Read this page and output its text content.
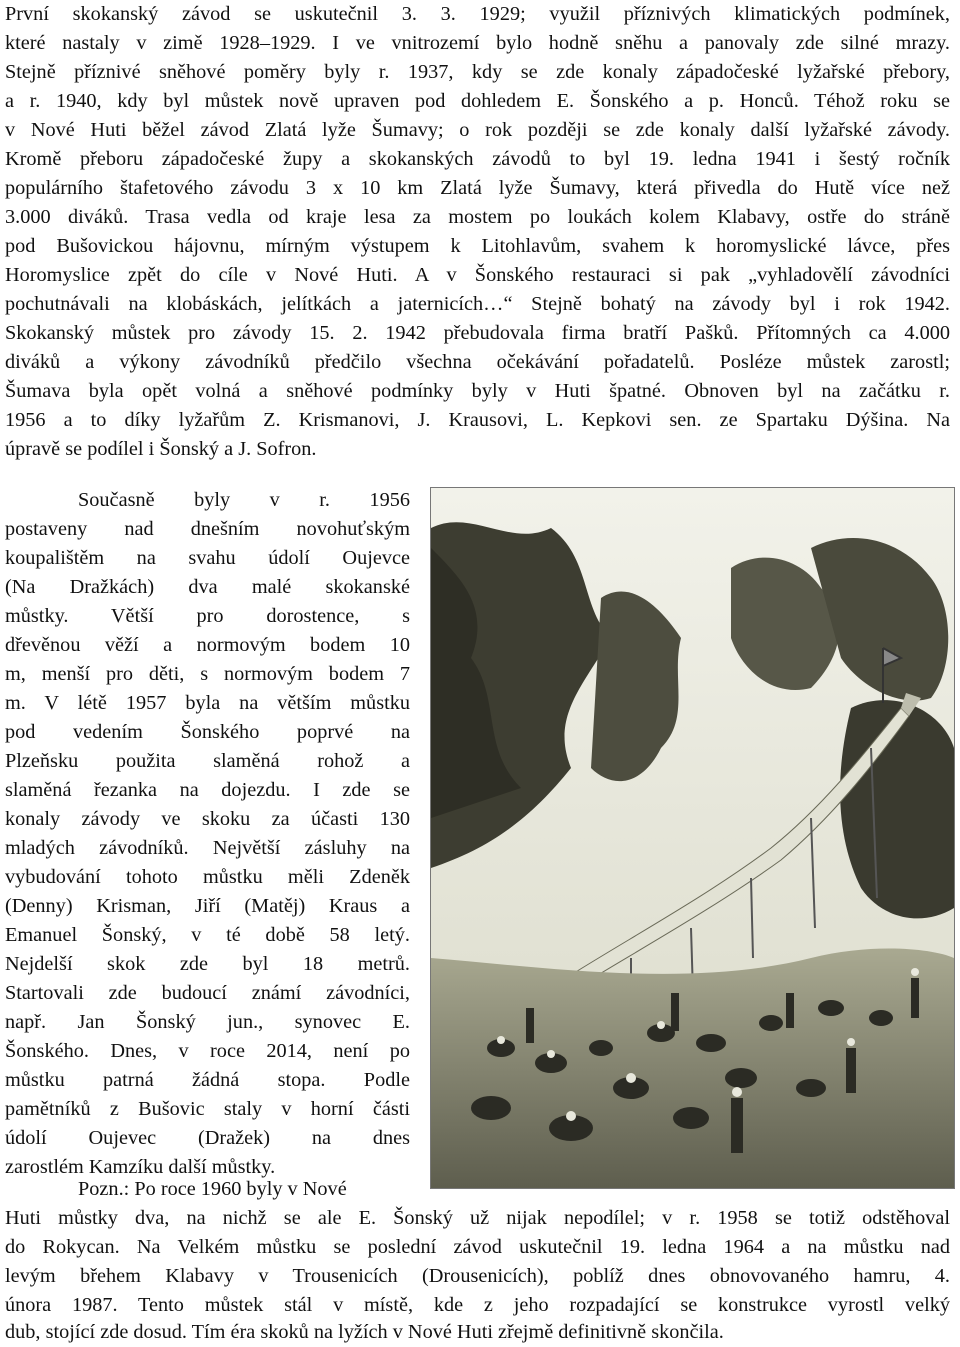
První skokanský závod se uskutečnil 3. 3. 1929; využil příznivých klimatických podmínek,
které nastaly v zimě 1928–1929. I ve vnitrozemí bylo hodně sněhu a panovaly zde silné mrazy.
Stejně příznivé sněhové poměry byly r. 1937, kdy se zde konaly západočeské lyžařské přebory,
a r. 1940, kdy byl můstek nově upraven pod dohledem E. Šonského a p. Honců. Téhož roku se
v Nové Huti běžel závod Zlatá lyže Šumavy; o rok později se zde konaly další lyžařské závody.
Kromě přeboru západočeské župy a skokanských závodů to byl 19. ledna 1941 i šestý ročník
populárního štafetového závodu 3 x 10 km Zlatá lyže Šumavy, která přivedla do Hutě více než
3.000 diváků. Trasa vedla od kraje lesa za mostem po loukách kolem Klabavy, ostře do stráně
pod Bušovickou hájovnu, mírným výstupem k Litohlavům, svahem k horomyslické lávce, přes
Horomyslice zpět do cíle v Nové Huti. A v Šonského restauraci si pak „vyhladovělí závodníci
pochutnávali na klobáskách, jelítkách a jaternicích…“ Stejně bohatý na závody byl i rok 1942.
Skokanský můstek pro závody 15. 2. 1942 přebudovala firma bratří Pašků. Přítomných ca 4.000
diváků a výkony závodníků předčilo všechna očekávání pořadatelů. Posléze můstek zarostl;
Šumava byla opět volná a sněhové podmínky byly v Huti špatné. Obnoven byl na začátku r.
1956 a to díky lyžařům Z. Krismanovi, J. Krausovi, L. Kepkovi sen. ze Spartaku Dýšina. Na
úpravě se podílel i Šonský a J. Sofron.
Současně byly v r. 1956
postaveny nad dnešním novohuťským
koupalištěm na svahu údolí Oujevce
(Na Dražkách) dva malé skokanské
můstky. Větší pro dorostence, s
dřevěnou věží a normovým bodem 10
m, menší pro děti, s normovým bodem 7
m. V létě 1957 byla na větším můstku
pod vedením Šonského poprvé na
Plzeňsku použita slaměná rohož a
slaměná řezanka na dojezdu. I zde se
konaly závody ve skoku za účasti 130
mladých závodníků. Největší zásluhy na
vybudování tohoto můstku měli Zdeněk
(Denny) Krisman, Jiří (Matěj) Kraus a
Emanuel Šonský, v té době 58 letý.
Nejdelší skok zde byl 18 metrů.
Startovali zde budoucí známí závodníci,
např. Jan Šonský jun., synovec E.
Šonského. Dnes, v roce 2014, není po
můstku patrná žádná stopa. Podle
pamětníků z Bušovic staly v horní části
údolí Oujevec (Dražek) na dnes
zarostlém Kamzíku další můstky.
Pozn.: Po roce 1960 byly v Nové
Huti můstky dva, na nichž se ale E. Šonský už nijak nepodílel; v r. 1958 se totiž odstěhoval
do Rokycan. Na Velkém můstku se poslední závod uskutečnil 19. ledna 1964 a na můstku nad
levým břehem Klabavy v Trousenicích (Drousenicích), poblíž dnes obnovovaného hamru, 4.
února 1987. Tento můstek stál v místě, kde z jeho rozpadající se konstrukce vyrostl velký
dub, stojící zde dosud. Tím éra skoků na lyžích v Nové Huti zřejmě definitivně skončila.
